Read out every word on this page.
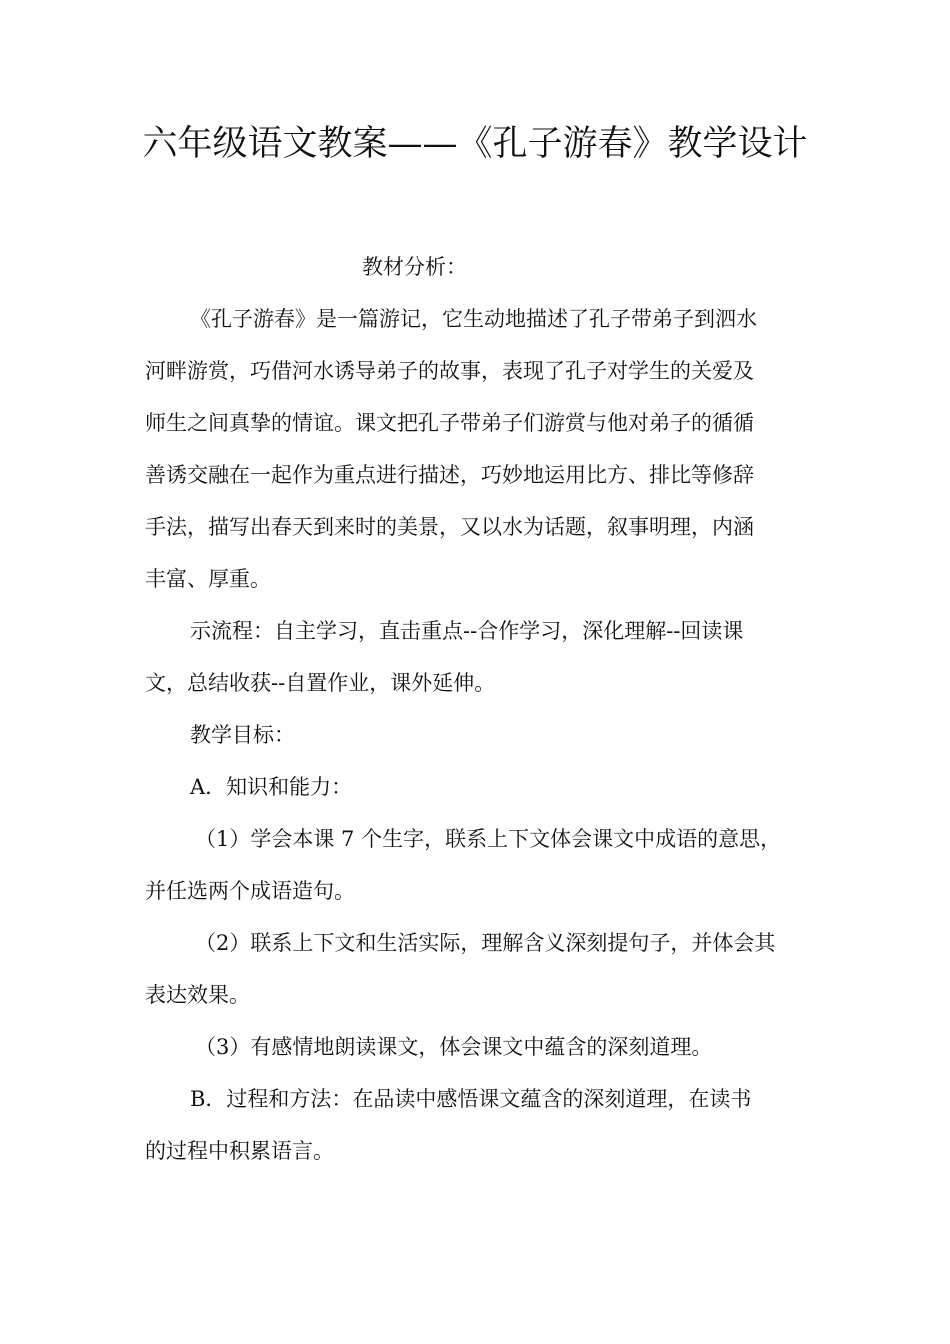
六年级语文教案——《孔子游春》教学设计

教材分析：

《孔子游春》是一篇游记，它生动地描述了孔子带弟子到泗水

河畔游赏，巧借河水诱导弟子的故事，表现了孔子对学生的关爱及

师生之间真挚的情谊。课文把孔子带弟子们游赏与他对弟子的循循

善诱交融在一起作为重点进行描述，巧妙地运用比方、排比等修辞

手法，描写出春天到来时的美景，又以水为话题，叙事明理，内涵

丰富、厚重。

示流程：自主学习，直击重点--合作学习，深化理解--回读课

文，总结收获--自置作业，课外延伸。

教学目标：

A．知识和能力：

（1）学会本课 7 个生字，联系上下文体会课文中成语的意思，

并任选两个成语造句。

（2）联系上下文和生活实际，理解含义深刻提句子，并体会其

表达效果。

（3）有感情地朗读课文，体会课文中蕴含的深刻道理。

B．过程和方法：在品读中感悟课文蕴含的深刻道理，在读书

的过程中积累语言。
